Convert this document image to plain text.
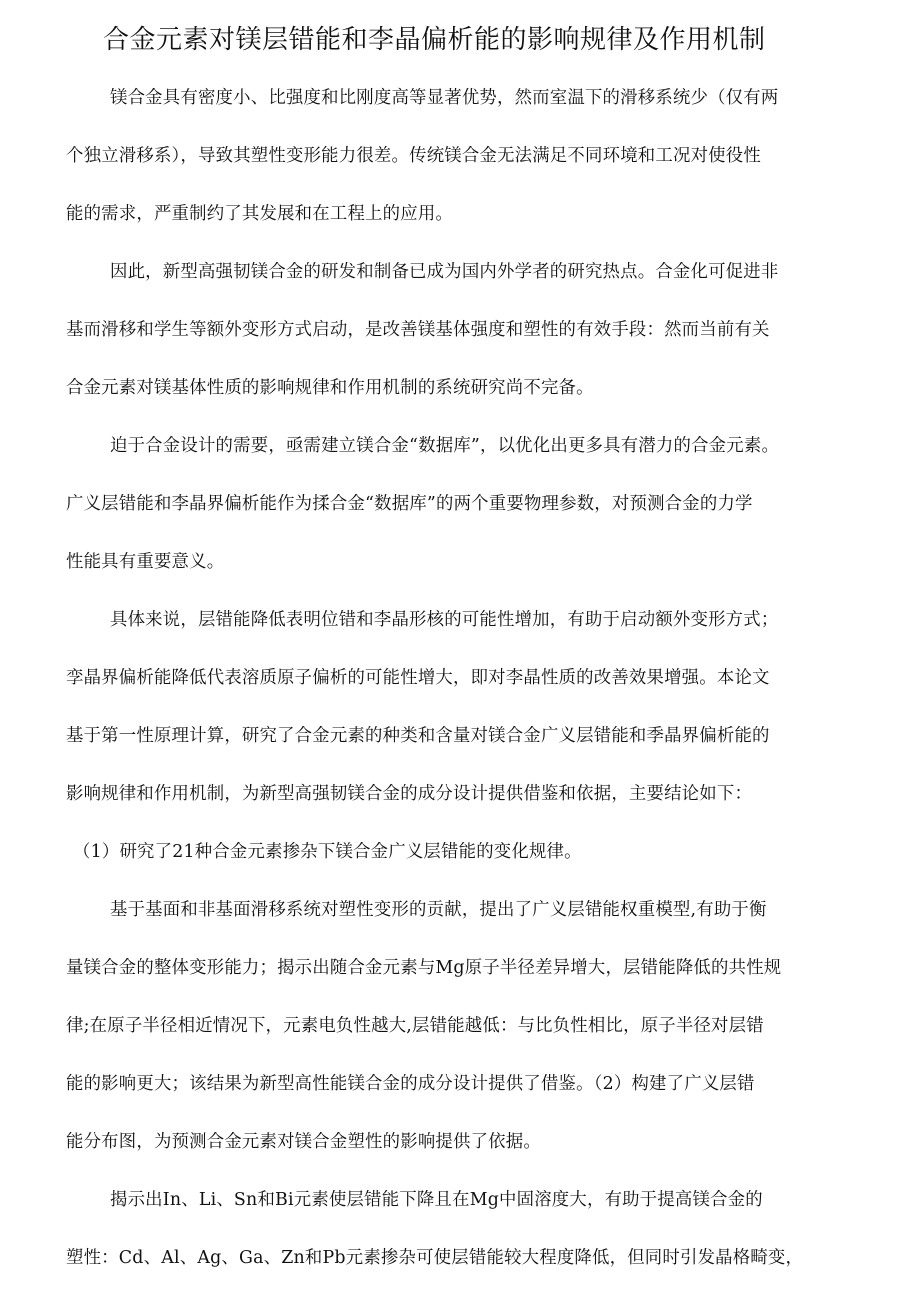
合金元素对镁层错能和李晶偏析能的影响规律及作用机制
镁合金具有密度小、比强度和比刚度高等显著优势，然而室温下的滑移系统少（仅有两
个独立滑移系），导致其塑性变形能力很差。传统镁合金无法满足不同环境和工况对使役性
能的需求，严重制约了其发展和在工程上的应用。
因此，新型高强韧镁合金的研发和制备已成为国内外学者的研究热点。合金化可促进非
基而滑移和学生等额外变形方式启动，是改善镁基体强度和塑性的有效手段：然而当前有关
合金元素对镁基体性质的影响规律和作用机制的系统研究尚不完备。
迫于合金设计的需要，亟需建立镁合金“数据库”，以优化出更多具有潜力的合金元素。
广义层错能和李晶界偏析能作为揉合金“数据库”的两个重要物理参数，对预测合金的力学
性能具有重要意义。
具体来说，层错能降低表明位错和李晶形核的可能性增加，有助于启动额外变形方式；
孪晶界偏析能降低代表溶质原子偏析的可能性增大，即对李晶性质的改善效果增强。本论文
基于第一性原理计算，研究了合金元素的种类和含量对镁合金广义层错能和季晶界偏析能的
影响规律和作用机制，为新型高强韧镁合金的成分设计提供借鉴和依据，主要结论如下：
（1）研究了21种合金元素掺杂下镁合金广义层错能的变化规律。
基于基面和非基面滑移系统对塑性变形的贡献，提出了广义层错能权重模型,有助于衡
量镁合金的整体变形能力；揭示出随合金元素与Mg原子半径差异增大，层错能降低的共性规
律;在原子半径相近情况下，元素电负性越大,层错能越低：与比负性相比，原子半径对层错
能的影响更大；该结果为新型高性能镁合金的成分设计提供了借鉴。（2）构建了广义层错
能分布图，为预测合金元素对镁合金塑性的影响提供了依据。
揭示出In、Li、Sn和Bi元素使层错能下降且在Mg中固溶度大，有助于提高镁合金的
塑性：Cd、Al、Ag、Ga、Zn和Pb元素掺杂可使层错能较大程度降低，但同时引发晶格畸变，
